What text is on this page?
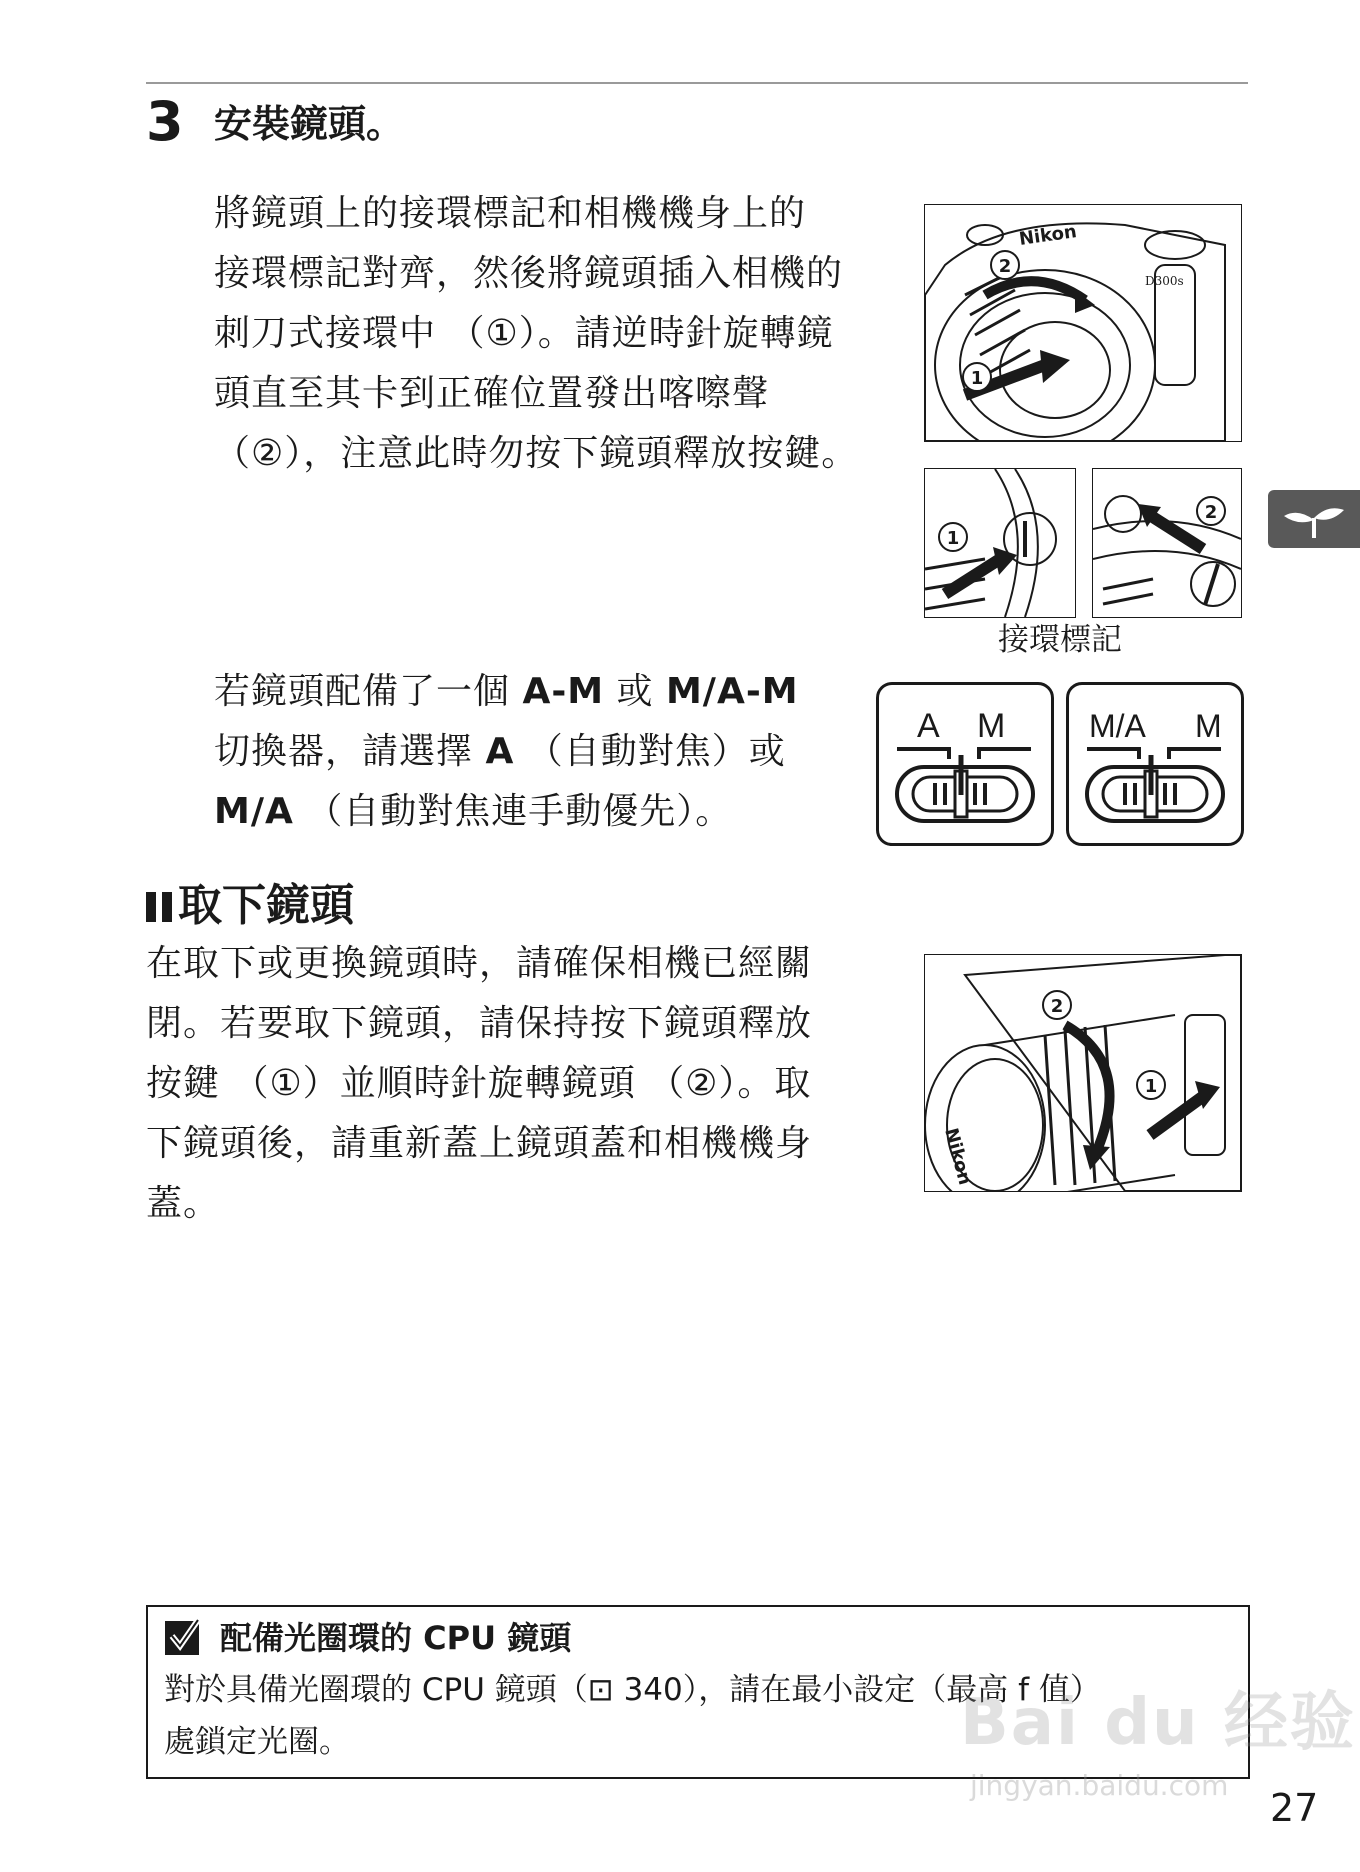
3 安裝鏡頭。
將鏡頭上的接環標記和相機機身上的
接環標記對齊，然後將鏡頭插入相機的
刺刀式接環中 （①）。請逆時針旋轉鏡
頭直至其卡到正確位置發出喀嚓聲
（②），注意此時勿按下鏡頭釋放按鍵。
Nikon
D300s
2
1
1
2
接環標記
若鏡頭配備了一個 A-M 或 M/A-M
切換器，請選擇 A （自動對焦）或
M/A （自動對焦連手動優先）。
A M	M/A M
取下鏡頭
在取下或更換鏡頭時，請確保相機已經關
閉。若要取下鏡頭，請保持按下鏡頭釋放
按鍵 （①）並順時針旋轉鏡頭 （②）。取
下鏡頭後，請重新蓋上鏡頭蓋和相機機身
蓋。
Nikon
2
1
配備光圈環的 CPU 鏡頭
對於具備光圈環的 CPU 鏡頭（⊡ 340），請在最小設定（最高 f 值）
處鎖定光圈。	Bai du 经验
jingyan.baidu.com
27
